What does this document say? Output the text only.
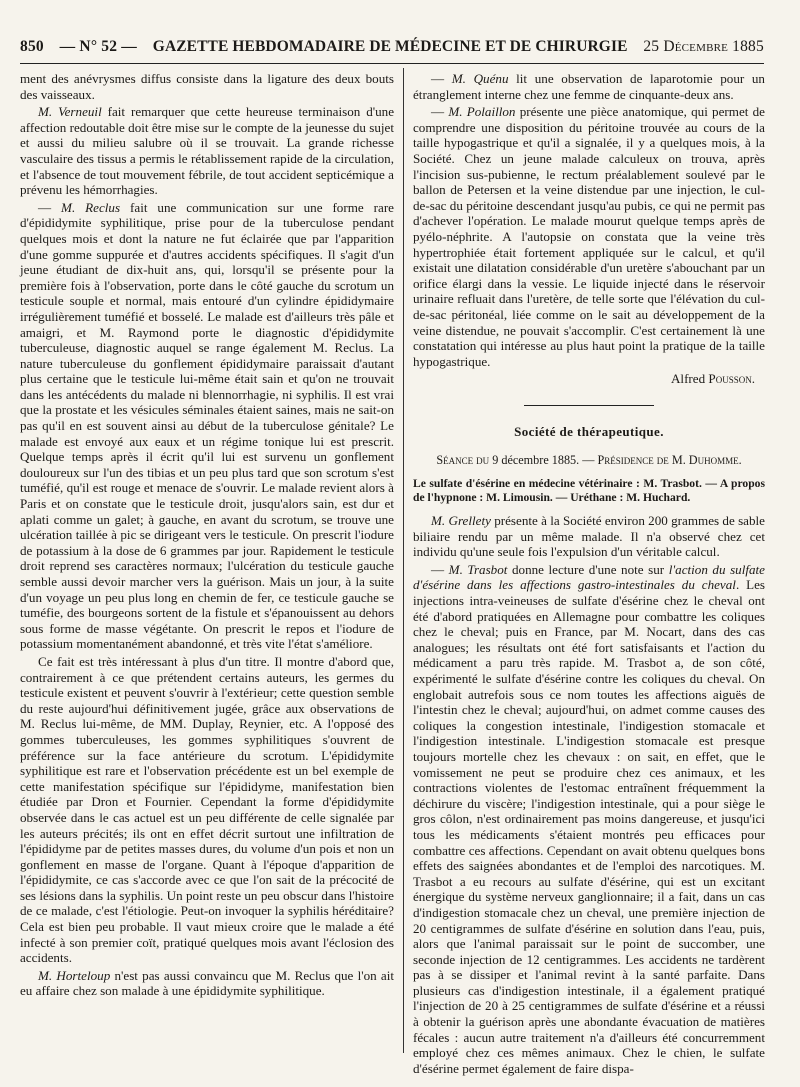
850 — N° 52 — GAZETTE HEBDOMADAIRE DE MÉDECINE ET DE CHIRURGIE 25 Décembre 1885

ment des anévrysmes diffus consiste dans la ligature des deux bouts des vaisseaux.

M. Verneuil fait remarquer que cette heureuse terminaison d'une affection redoutable doit être mise sur le compte de la jeunesse du sujet et aussi du milieu salubre où il se trouvait. La grande richesse vasculaire des tissus a permis le rétablissement rapide de la circulation, et l'absence de tout mouvement fébrile, de tout accident septicémique a prévenu les hémorrhagies.

— M. Reclus fait une communication sur une forme rare d'épididymite syphilitique, prise pour de la tuberculose pendant quelques mois et dont la nature ne fut éclairée que par l'apparition d'une gomme suppurée et d'autres accidents spécifiques. Il s'agit d'un jeune étudiant de dix-huit ans, qui, lorsqu'il se présente pour la première fois à l'observation, porte dans le côté gauche du scrotum un testicule souple et normal, mais entouré d'un cylindre épididymaire irrégulièrement tuméfié et bosselé. Le malade est d'ailleurs très pâle et amaigri, et M. Raymond porte le diagnostic d'épididymite tuberculeuse, diagnostic auquel se range également M. Reclus. La nature tuberculeuse du gonflement épididymaire paraissait d'autant plus certaine que le testicule lui-même était sain et qu'on ne trouvait dans les antécédents du malade ni blennorrhagie, ni syphilis. Il est vrai que la prostate et les vésicules séminales étaient saines, mais ne sait-on pas qu'il en est souvent ainsi au début de la tuberculose génitale? Le malade est envoyé aux eaux et un régime tonique lui est prescrit. Quelque temps après il écrit qu'il lui est survenu un gonflement douloureux sur l'un des tibias et un peu plus tard que son scrotum s'est tuméfié, qu'il est rouge et menace de s'ouvrir. Le malade revient alors à Paris et on constate que le testicule droit, jusqu'alors sain, est dur et aplati comme un galet; à gauche, en avant du scrotum, se trouve une ulcération taillée à pic se dirigeant vers le testicule. On prescrit l'iodure de potassium à la dose de 6 grammes par jour. Rapidement le testicule droit reprend ses caractères normaux; l'ulcération du testicule gauche semble aussi devoir marcher vers la guérison. Mais un jour, à la suite d'un voyage un peu plus long en chemin de fer, ce testicule gauche se tuméfie, des bourgeons sortent de la fistule et s'épanouissent au dehors sous forme de masse végétante. On prescrit le repos et l'iodure de potassium momentanément abandonné, et très vite l'état s'améliore.

Ce fait est très intéressant à plus d'un titre. Il montre d'abord que, contrairement à ce que prétendent certains auteurs, les germes du testicule existent et peuvent s'ouvrir à l'extérieur; cette question semble du reste aujourd'hui définitivement jugée, grâce aux observations de M. Reclus lui-même, de MM. Duplay, Reynier, etc. A l'opposé des gommes tuberculeuses, les gommes syphilitiques s'ouvrent de préférence sur la face antérieure du scrotum. L'épididymite syphilitique est rare et l'observation précédente est un bel exemple de cette manifestation spécifique sur l'épididyme, manifestation bien étudiée par Dron et Fournier. Cependant la forme d'épididymite observée dans le cas actuel est un peu différente de celle signalée par les auteurs précités; ils ont en effet décrit surtout une infiltration de l'épididyme par de petites masses dures, du volume d'un pois et non un gonflement en masse de l'organe. Quant à l'époque d'apparition de l'épididymite, ce cas s'accorde avec ce que l'on sait de la précocité de ses lésions dans la syphilis. Un point reste un peu obscur dans l'histoire de ce malade, c'est l'étiologie. Peut-on invoquer la syphilis héréditaire? Cela est bien peu probable. Il vaut mieux croire que le malade a été infecté à son premier coït, pratiqué quelques mois avant l'éclosion des accidents.

M. Horteloup n'est pas aussi convaincu que M. Reclus que l'on ait eu affaire chez son malade à une épididymite syphilitique.

— M. Quénu lit une observation de laparotomie pour un étranglement interne chez une femme de cinquante-deux ans.

— M. Polaillon présente une pièce anatomique, qui permet de comprendre une disposition du péritoine trouvée au cours de la taille hypogastrique et qu'il a signalée, il y a quelques mois, à la Société. Chez un jeune malade calculeux on trouva, après l'incision sus-pubienne, le rectum préalablement soulevé par le ballon de Petersen et la veine distendue par une injection, le cul-de-sac du péritoine descendant jusqu'au pubis, ce qui ne permit pas d'achever l'opération. Le malade mourut quelque temps après de pyélo-néphrite. A l'autopsie on constata que la veine très hypertrophiée était fortement appliquée sur le calcul, et qu'il existait une dilatation considérable d'un uretère s'abouchant par un orifice élargi dans la vessie. Le liquide injecté dans le réservoir urinaire refluait dans l'uretère, de telle sorte que l'élévation du cul-de-sac péritonéal, liée comme on le sait au développement de la veine distendue, ne pouvait s'accomplir. C'est certainement là une constatation qui intéresse au plus haut point la pratique de la taille hypogastrique.

Alfred Pousson.

Société de thérapeutique.

Séance du 9 décembre 1885. — Présidence de M. Duhomme.

Le sulfate d'ésérine en médecine vétérinaire : M. Trasbot. — A propos de l'hypnone : M. Limousin. — Uréthane : M. Huchard.

M. Grellety présente à la Société environ 200 grammes de sable biliaire rendu par un même malade. Il n'a observé chez cet individu qu'une seule fois l'expulsion d'un véritable calcul.

— M. Trasbot donne lecture d'une note sur l'action du sulfate d'ésérine dans les affections gastro-intestinales du cheval. Les injections intra-veineuses de sulfate d'ésérine chez le cheval ont été d'abord pratiquées en Allemagne pour combattre les coliques chez le cheval; puis en France, par M. Nocart, dans des cas analogues; les résultats ont été fort satisfaisants et l'action du médicament a paru très rapide. M. Trasbot a, de son côté, expérimenté le sulfate d'ésérine contre les coliques du cheval. On englobait autrefois sous ce nom toutes les affections aiguës de l'intestin chez le cheval; aujourd'hui, on admet comme causes des coliques la congestion intestinale, l'indigestion stomacale et l'indigestion intestinale. L'indigestion stomacale est presque toujours mortelle chez les chevaux : on sait, en effet, que le vomissement ne peut se produire chez ces animaux, et les contractions violentes de l'estomac entraînent fréquemment la déchirure du viscère; l'indigestion intestinale, qui a pour siège le gros côlon, n'est ordinairement pas moins dangereuse, et jusqu'ici tous les médicaments s'étaient montrés peu efficaces pour combattre ces affections. Cependant on avait obtenu quelques bons effets des saignées abondantes et de l'emploi des narcotiques. M. Trasbot a eu recours au sulfate d'ésérine, qui est un excitant énergique du système nerveux ganglionnaire; il a fait, dans un cas d'indigestion stomacale chez un cheval, une première injection de 20 centigrammes de sulfate d'ésérine en solution dans l'eau, puis, alors que l'animal paraissait sur le point de succomber, une seconde injection de 12 centigrammes. Les accidents ne tardèrent pas à se dissiper et l'animal revint à la santé parfaite. Dans plusieurs cas d'indigestion intestinale, il a également pratiqué l'injection de 20 à 25 centigrammes de sulfate d'ésérine et a réussi à obtenir la guérison après une abondante évacuation de matières fécales : aucun autre traitement n'a d'ailleurs été concurremment employé chez ces mêmes animaux. Chez le chien, le sulfate d'ésérine permet également de faire dispa-
